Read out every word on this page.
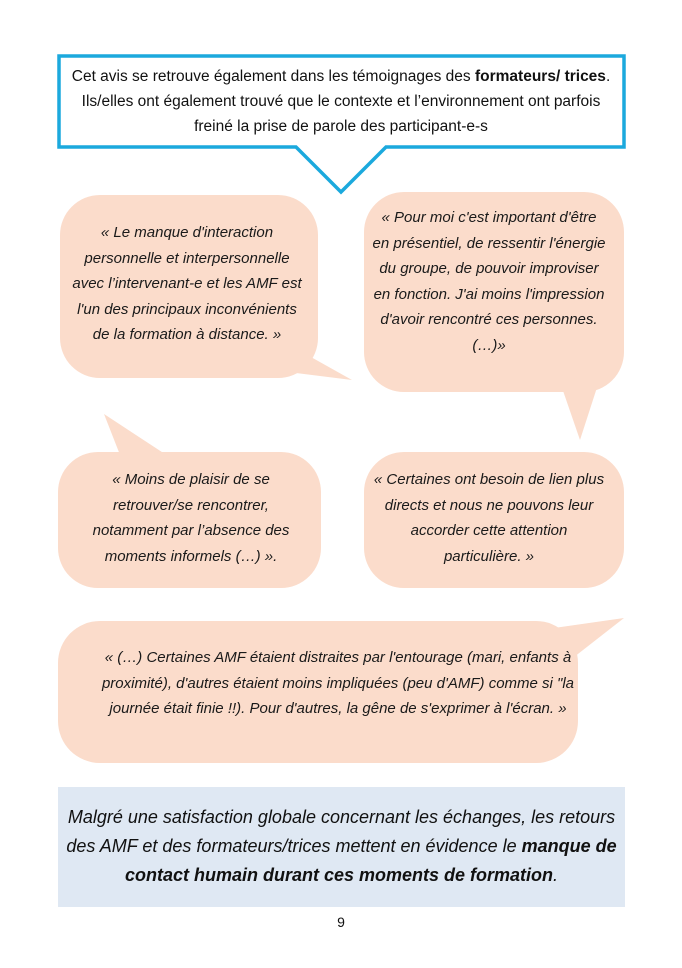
Cet avis se retrouve également dans les témoignages des formateurs/ trices. Ils/elles ont également trouvé que le contexte et l’environnement ont parfois freiné la prise de parole des participant-e-s
« Le manque d'interaction personnelle et interpersonnelle avec l’intervenant-e et les AMF est l'un des principaux inconvénients de la formation à distance. »
« Pour moi c'est important d'être en présentiel, de ressentir l'énergie du groupe, de pouvoir improviser en fonction. J'ai moins l'impression d'avoir rencontré ces personnes. (…)»
« Moins de plaisir de se retrouver/se rencontrer, notamment par l’absence des moments informels (…) ».
« Certaines ont besoin de lien plus directs et nous ne pouvons leur accorder cette attention particulière. »
« (…) Certaines AMF étaient distraites par l'entourage (mari, enfants à proximité), d'autres étaient moins impliquées (peu d'AMF) comme si "la journée était finie !!). Pour d'autres, la gêne de s'exprimer à l'écran. »
Malgré une satisfaction globale concernant les échanges, les retours des AMF et des formateurs/trices mettent en évidence le manque de contact humain durant ces moments de formation.
9
